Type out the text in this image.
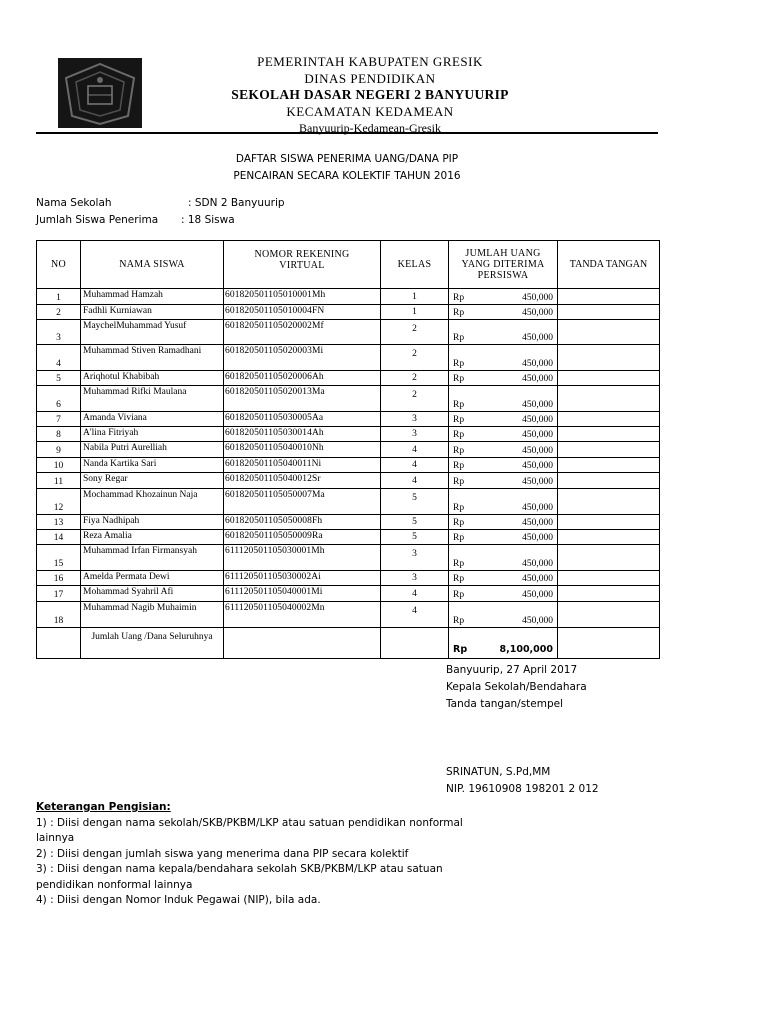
PEMERINTAH KABUPATEN GRESIK
DINAS PENDIDIKAN
SEKOLAH DASAR NEGERI 2 BANYUURIP
KECAMATAN KEDAMEAN
Banyuurip-Kedamean-Gresik
DAFTAR SISWA PENERIMA UANG/DANA PIP
PENCAIRAN SECARA KOLEKTIF TAHUN 2016
Nama Sekolah	: SDN 2 Banyuurip
Jumlah Siswa Penerima : 18 Siswa
NO	NAMA SISWA	NOMOR REKENING VIRTUAL	KELAS	JUMLAH UANG YANG DITERIMA PERSISWA	TANDA TANGAN
1	Muhammad Hamzah	601820501105010001Mh	1	Rp 450,000	

2	Fadhli Kurniawan	601820501105010004FN	1	Rp 450,000	

3	MaychelMuhammad Yusuf	601820501105020002Mf	2	Rp 450,000	

4	Muhammad Stiven Ramadhani	601820501105020003Mi	2	Rp 450,000	

5	Ariqhotul Khabibah	601820501105020006Ah	2	Rp 450,000	

6	Muhammad Rifki Maulana	601820501105020013Ma	2	Rp 450,000	

7	Amanda Viviana	601820501105030005Aa	3	Rp 450,000	

8	A'lina Fitriyah	601820501105030014Ah	3	Rp 450,000	

9	Nabila Putri Aurelliah	601820501105040010Nh	4	Rp 450,000	

10	Nanda Kartika Sari	601820501105040011Ni	4	Rp 450,000	

11	Sony Regar	601820501105040012Sr	4	Rp 450,000	

12	Mochammad Khozainun Naja	601820501105050007Ma	5	Rp 450,000	

13	Fiya Nadhipah	601820501105050008Fh	5	Rp 450,000	

14	Reza Amalia	601820501105050009Ra	5	Rp 450,000	

15	Muhammad Irfan Firmansyah	611120501105030001Mh	3	Rp 450,000	

16	Amelda Permata Dewi	611120501105030002Ai	3	Rp 450,000	

17	Mohammad Syahril Afi	611120501105040001Mi	4	Rp 450,000	

18	Muhammad Nagib Muhaimin	611120501105040002Mn	4	Rp 450,000	

	Jumlah Uang /Dana Seluruhnya			Rp 8,100,000	

Banyuurip, 27 April 2017
Kepala Sekolah/Bendahara
Tanda tangan/stempel
SRINATUN, S.Pd,MM
NIP. 19610908 198201 2 012
Keterangan Pengisian:
1) : Diisi dengan nama sekolah/SKB/PKBM/LKP atau satuan pendidikan nonformal
lainnya
2) : Diisi dengan jumlah siswa yang menerima dana PIP secara kolektif
3) : Diisi dengan nama kepala/bendahara sekolah SKB/PKBM/LKP atau satuan
pendidikan nonformal lainnya
4) : Diisi dengan Nomor Induk Pegawai (NIP), bila ada.
